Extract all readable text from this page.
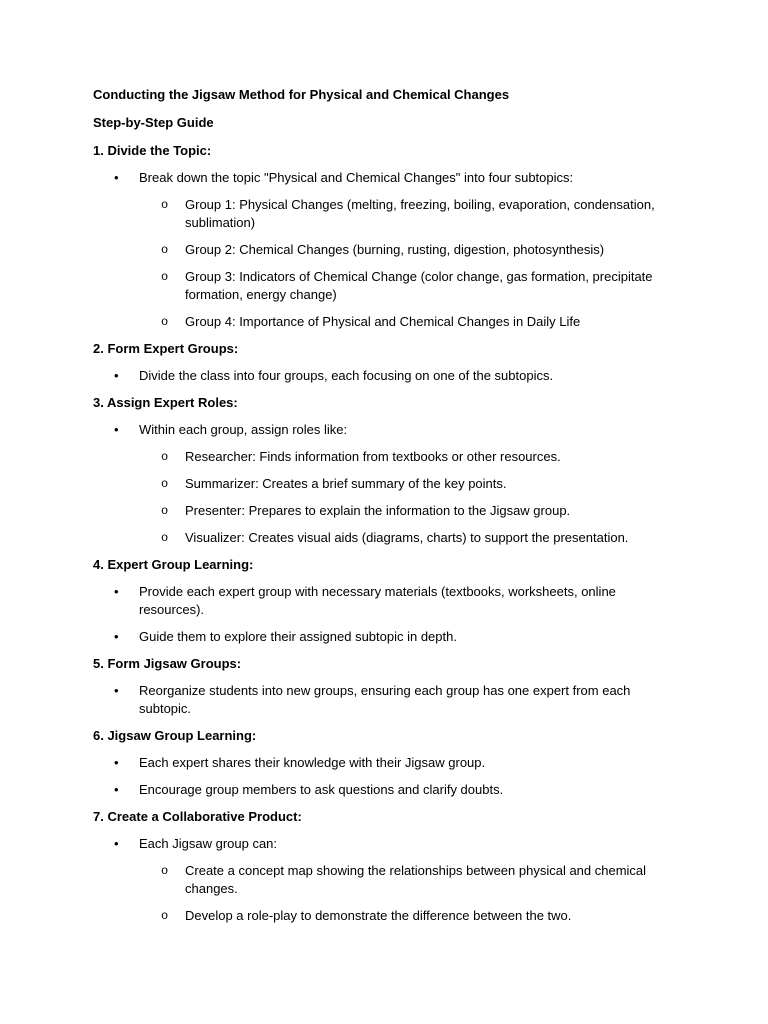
Conducting the Jigsaw Method for Physical and Chemical Changes

Step-by-Step Guide

1. Divide the Topic:

• Break down the topic "Physical and Chemical Changes" into four subtopics:
o Group 1: Physical Changes (melting, freezing, boiling, evaporation, condensation, sublimation)
o Group 2: Chemical Changes (burning, rusting, digestion, photosynthesis)
o Group 3: Indicators of Chemical Change (color change, gas formation, precipitate formation, energy change)
o Group 4: Importance of Physical and Chemical Changes in Daily Life

2. Form Expert Groups:

• Divide the class into four groups, each focusing on one of the subtopics.

3. Assign Expert Roles:

• Within each group, assign roles like:
o Researcher: Finds information from textbooks or other resources.
o Summarizer: Creates a brief summary of the key points.
o Presenter: Prepares to explain the information to the Jigsaw group.
o Visualizer: Creates visual aids (diagrams, charts) to support the presentation.

4. Expert Group Learning:

• Provide each expert group with necessary materials (textbooks, worksheets, online resources).
• Guide them to explore their assigned subtopic in depth.

5. Form Jigsaw Groups:

• Reorganize students into new groups, ensuring each group has one expert from each subtopic.

6. Jigsaw Group Learning:

• Each expert shares their knowledge with their Jigsaw group.
• Encourage group members to ask questions and clarify doubts.

7. Create a Collaborative Product:

• Each Jigsaw group can:
o Create a concept map showing the relationships between physical and chemical changes.
o Develop a role-play to demonstrate the difference between the two.
